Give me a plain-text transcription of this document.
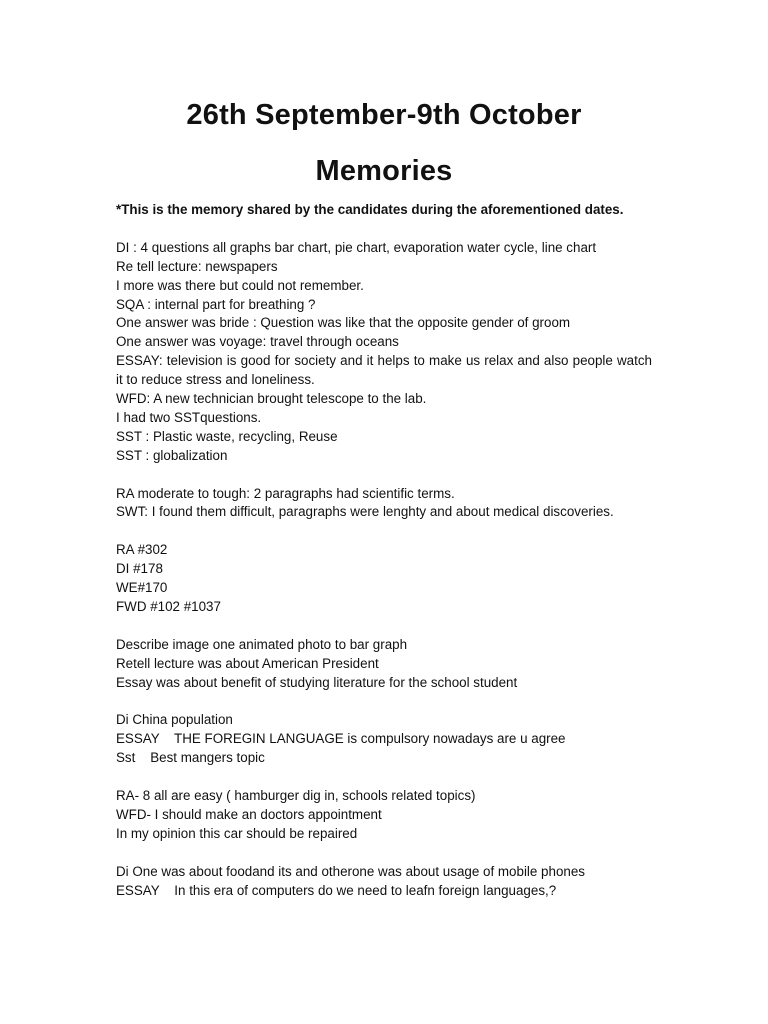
26th September-9th October
Memories
*This is the memory shared by the candidates during the aforementioned dates.
DI : 4 questions all graphs bar chart, pie chart, evaporation water cycle, line chart
Re tell lecture: newspapers
I more was there but could not remember.
SQA : internal part for breathing ?
One answer was bride : Question was like that the opposite gender of groom
One answer was voyage: travel through oceans
ESSAY: television is good for society and it helps to make us relax and also people watch it to reduce stress and loneliness.
WFD: A new technician brought telescope to the lab.
I had two SSTquestions.
SST : Plastic waste, recycling, Reuse
SST : globalization
RA moderate to tough: 2 paragraphs had scientific terms.
SWT: I found them difficult, paragraphs were lenghty and about medical discoveries.
RA #302
DI #178
WE#170
FWD #102 #1037
Describe image one animated photo to bar graph
Retell lecture was about American President
Essay was about benefit of studying literature for the school student
Di China population
ESSAY    THE FOREGIN LANGUAGE is compulsory nowadays are u agree
Sst    Best mangers topic
RA- 8 all are easy ( hamburger dig in, schools related topics)
WFD- I should make an doctors appointment
In my opinion this car should be repaired
Di One was about foodand its and otherone was about usage of mobile phones
ESSAY    In this era of computers do we need to leafn foreign languages,?
